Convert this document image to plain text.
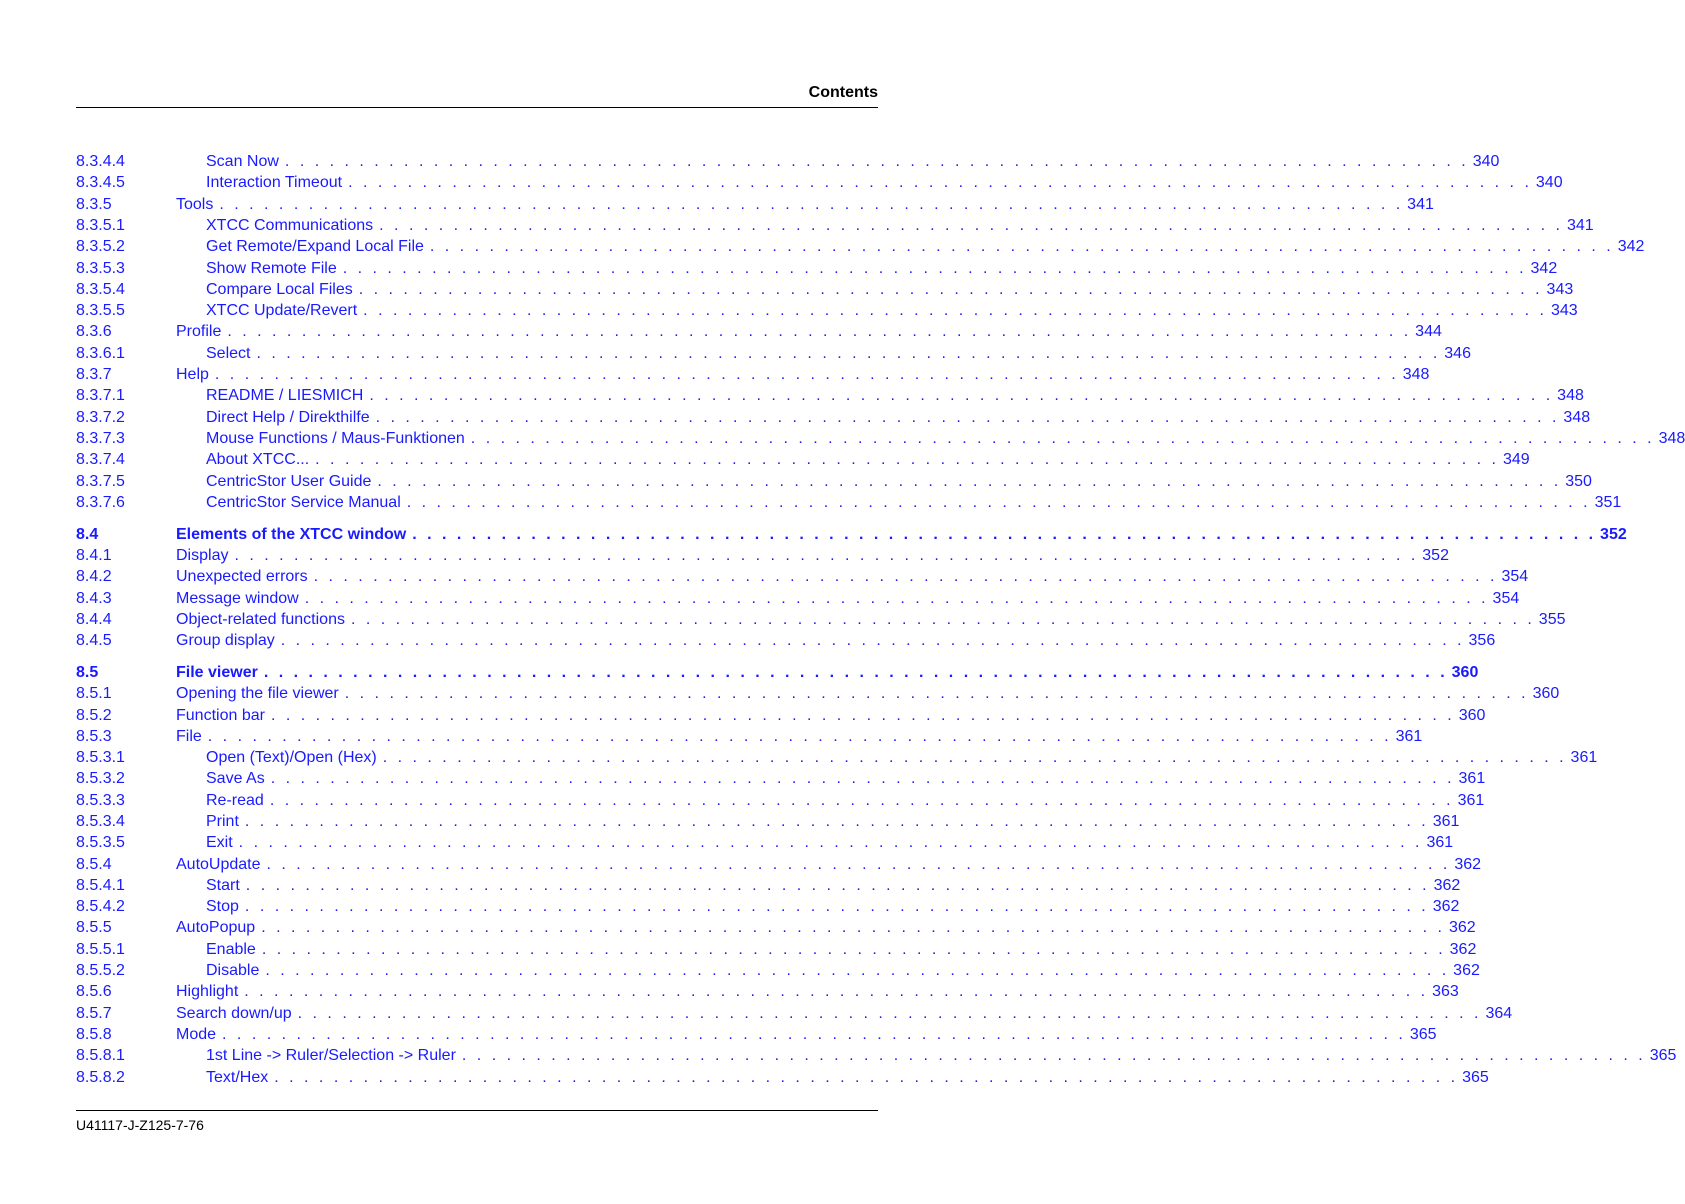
Contents
8.3.4.4	Scan Now . . . . . . . . . . . . . . . . . . . . . . . . . . . . . . . . . . . . . . . . . . . . . . . . . . . . . . . . . . . . . . . . . . . . . . . . . . . . . . . . 340
8.3.4.5	Interaction Timeout . . . . . . . . . . . . . . . . . . . . . . . . . . . . . . . . . . . . . . . . . . . . . . . . . . . . . . . . . . . . . . . . . . . . . . . . . . . . . . . . 340
8.3.5	Tools . . . . . . . . . . . . . . . . . . . . . . . . . . . . . . . . . . . . . . . . . . . . . . . . . . . . . . . . . . . . . . . . . . . . . . . . . . . . . . . . 341
8.3.5.1	XTCC Communications . . . . . . . . . . . . . . . . . . . . . . . . . . . . . . . . . . . . . . . . . . . . . . . . . . . . . . . . . . . . . . . . . . . . . . . . . . . . . . . . 341
8.3.5.2	Get Remote/Expand Local File . . . . . . . . . . . . . . . . . . . . . . . . . . . . . . . . . . . . . . . . . . . . . . . . . . . . . . . . . . . . . . . . . . . . . . . . . . . . . . . . 342
8.3.5.3	Show Remote File . . . . . . . . . . . . . . . . . . . . . . . . . . . . . . . . . . . . . . . . . . . . . . . . . . . . . . . . . . . . . . . . . . . . . . . . . . . . . . . . 342
8.3.5.4	Compare Local Files . . . . . . . . . . . . . . . . . . . . . . . . . . . . . . . . . . . . . . . . . . . . . . . . . . . . . . . . . . . . . . . . . . . . . . . . . . . . . . . . 343
8.3.5.5	XTCC Update/Revert . . . . . . . . . . . . . . . . . . . . . . . . . . . . . . . . . . . . . . . . . . . . . . . . . . . . . . . . . . . . . . . . . . . . . . . . . . . . . . . . 343
8.3.6	Profile . . . . . . . . . . . . . . . . . . . . . . . . . . . . . . . . . . . . . . . . . . . . . . . . . . . . . . . . . . . . . . . . . . . . . . . . . . . . . . . . 344
8.3.6.1	Select . . . . . . . . . . . . . . . . . . . . . . . . . . . . . . . . . . . . . . . . . . . . . . . . . . . . . . . . . . . . . . . . . . . . . . . . . . . . . . . . 346
8.3.7	Help . . . . . . . . . . . . . . . . . . . . . . . . . . . . . . . . . . . . . . . . . . . . . . . . . . . . . . . . . . . . . . . . . . . . . . . . . . . . . . . . 348
8.3.7.1	README / LIESMICH . . . . . . . . . . . . . . . . . . . . . . . . . . . . . . . . . . . . . . . . . . . . . . . . . . . . . . . . . . . . . . . . . . . . . . . . . . . . . . . . 348
8.3.7.2	Direct Help / Direkthilfe . . . . . . . . . . . . . . . . . . . . . . . . . . . . . . . . . . . . . . . . . . . . . . . . . . . . . . . . . . . . . . . . . . . . . . . . . . . . . . . . 348
8.3.7.3	Mouse Functions / Maus-Funktionen . . . . . . . . . . . . . . . . . . . . . . . . . . . . . . . . . . . . . . . . . . . . . . . . . . . . . . . . . . . . . . . . . . . . . . . . . . . . . . . . 348
8.3.7.4	About XTCC... . . . . . . . . . . . . . . . . . . . . . . . . . . . . . . . . . . . . . . . . . . . . . . . . . . . . . . . . . . . . . . . . . . . . . . . . . . . . . . . . 349
8.3.7.5	CentricStor User Guide . . . . . . . . . . . . . . . . . . . . . . . . . . . . . . . . . . . . . . . . . . . . . . . . . . . . . . . . . . . . . . . . . . . . . . . . . . . . . . . . 350
8.3.7.6	CentricStor Service Manual . . . . . . . . . . . . . . . . . . . . . . . . . . . . . . . . . . . . . . . . . . . . . . . . . . . . . . . . . . . . . . . . . . . . . . . . . . . . . . . . 351
8.4	Elements of the XTCC window . . . . . . . . . . . . . . . . . . . . . . . . . . . . . . . . . . . . . . . . . . . . . . . . . . . . . . . . . . . . . . . . . . . . . . . . . . . . . . . . 352
8.4.1	Display . . . . . . . . . . . . . . . . . . . . . . . . . . . . . . . . . . . . . . . . . . . . . . . . . . . . . . . . . . . . . . . . . . . . . . . . . . . . . . . . 352
8.4.2	Unexpected errors . . . . . . . . . . . . . . . . . . . . . . . . . . . . . . . . . . . . . . . . . . . . . . . . . . . . . . . . . . . . . . . . . . . . . . . . . . . . . . . . 354
8.4.3	Message window . . . . . . . . . . . . . . . . . . . . . . . . . . . . . . . . . . . . . . . . . . . . . . . . . . . . . . . . . . . . . . . . . . . . . . . . . . . . . . . . 354
8.4.4	Object-related functions . . . . . . . . . . . . . . . . . . . . . . . . . . . . . . . . . . . . . . . . . . . . . . . . . . . . . . . . . . . . . . . . . . . . . . . . . . . . . . . . 355
8.4.5	Group display . . . . . . . . . . . . . . . . . . . . . . . . . . . . . . . . . . . . . . . . . . . . . . . . . . . . . . . . . . . . . . . . . . . . . . . . . . . . . . . . 356
8.5	File viewer . . . . . . . . . . . . . . . . . . . . . . . . . . . . . . . . . . . . . . . . . . . . . . . . . . . . . . . . . . . . . . . . . . . . . . . . . . . . . . . . 360
8.5.1	Opening the file viewer . . . . . . . . . . . . . . . . . . . . . . . . . . . . . . . . . . . . . . . . . . . . . . . . . . . . . . . . . . . . . . . . . . . . . . . . . . . . . . . . 360
8.5.2	Function bar . . . . . . . . . . . . . . . . . . . . . . . . . . . . . . . . . . . . . . . . . . . . . . . . . . . . . . . . . . . . . . . . . . . . . . . . . . . . . . . . 360
8.5.3	File . . . . . . . . . . . . . . . . . . . . . . . . . . . . . . . . . . . . . . . . . . . . . . . . . . . . . . . . . . . . . . . . . . . . . . . . . . . . . . . . 361
8.5.3.1	Open (Text)/Open (Hex) . . . . . . . . . . . . . . . . . . . . . . . . . . . . . . . . . . . . . . . . . . . . . . . . . . . . . . . . . . . . . . . . . . . . . . . . . . . . . . . . 361
8.5.3.2	Save As . . . . . . . . . . . . . . . . . . . . . . . . . . . . . . . . . . . . . . . . . . . . . . . . . . . . . . . . . . . . . . . . . . . . . . . . . . . . . . . . 361
8.5.3.3	Re-read . . . . . . . . . . . . . . . . . . . . . . . . . . . . . . . . . . . . . . . . . . . . . . . . . . . . . . . . . . . . . . . . . . . . . . . . . . . . . . . . 361
8.5.3.4	Print . . . . . . . . . . . . . . . . . . . . . . . . . . . . . . . . . . . . . . . . . . . . . . . . . . . . . . . . . . . . . . . . . . . . . . . . . . . . . . . . 361
8.5.3.5	Exit . . . . . . . . . . . . . . . . . . . . . . . . . . . . . . . . . . . . . . . . . . . . . . . . . . . . . . . . . . . . . . . . . . . . . . . . . . . . . . . . 361
8.5.4	AutoUpdate . . . . . . . . . . . . . . . . . . . . . . . . . . . . . . . . . . . . . . . . . . . . . . . . . . . . . . . . . . . . . . . . . . . . . . . . . . . . . . . . 362
8.5.4.1	Start . . . . . . . . . . . . . . . . . . . . . . . . . . . . . . . . . . . . . . . . . . . . . . . . . . . . . . . . . . . . . . . . . . . . . . . . . . . . . . . . 362
8.5.4.2	Stop . . . . . . . . . . . . . . . . . . . . . . . . . . . . . . . . . . . . . . . . . . . . . . . . . . . . . . . . . . . . . . . . . . . . . . . . . . . . . . . . 362
8.5.5	AutoPopup . . . . . . . . . . . . . . . . . . . . . . . . . . . . . . . . . . . . . . . . . . . . . . . . . . . . . . . . . . . . . . . . . . . . . . . . . . . . . . . . 362
8.5.5.1	Enable . . . . . . . . . . . . . . . . . . . . . . . . . . . . . . . . . . . . . . . . . . . . . . . . . . . . . . . . . . . . . . . . . . . . . . . . . . . . . . . . 362
8.5.5.2	Disable . . . . . . . . . . . . . . . . . . . . . . . . . . . . . . . . . . . . . . . . . . . . . . . . . . . . . . . . . . . . . . . . . . . . . . . . . . . . . . . . 362
8.5.6	Highlight . . . . . . . . . . . . . . . . . . . . . . . . . . . . . . . . . . . . . . . . . . . . . . . . . . . . . . . . . . . . . . . . . . . . . . . . . . . . . . . . 363
8.5.7	Search down/up . . . . . . . . . . . . . . . . . . . . . . . . . . . . . . . . . . . . . . . . . . . . . . . . . . . . . . . . . . . . . . . . . . . . . . . . . . . . . . . . 364
8.5.8	Mode . . . . . . . . . . . . . . . . . . . . . . . . . . . . . . . . . . . . . . . . . . . . . . . . . . . . . . . . . . . . . . . . . . . . . . . . . . . . . . . . 365
8.5.8.1	1st Line -> Ruler/Selection -> Ruler . . . . . . . . . . . . . . . . . . . . . . . . . . . . . . . . . . . . . . . . . . . . . . . . . . . . . . . . . . . . . . . . . . . . . . . . . . . . . . . . 365
8.5.8.2	Text/Hex . . . . . . . . . . . . . . . . . . . . . . . . . . . . . . . . . . . . . . . . . . . . . . . . . . . . . . . . . . . . . . . . . . . . . . . . . . . . . . . . 365
U41117-J-Z125-7-76
